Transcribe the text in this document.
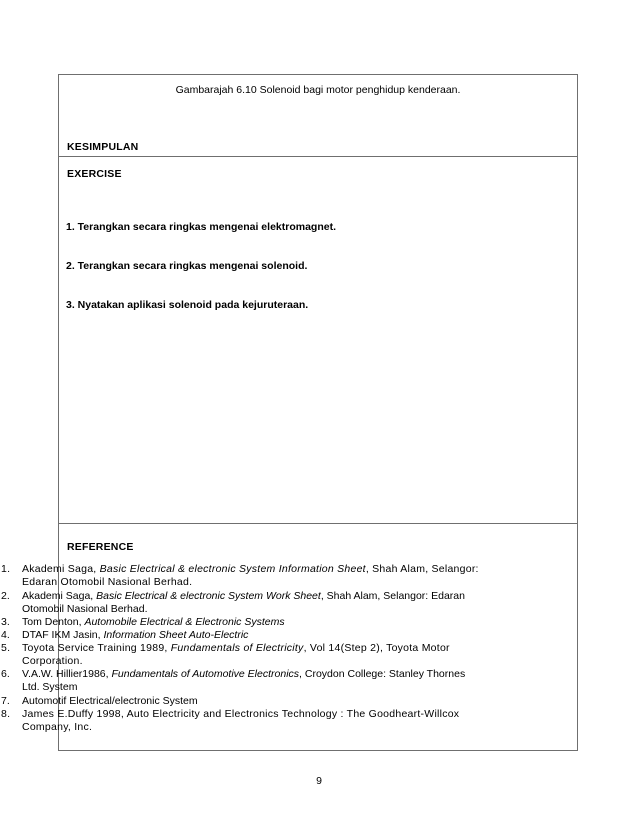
Gambarajah 6.10 Solenoid bagi motor penghidup kenderaan.
KESIMPULAN
EXERCISE
1. Terangkan secara ringkas mengenai elektromagnet.
2. Terangkan secara ringkas mengenai solenoid.
3. Nyatakan aplikasi solenoid pada kejuruteraan.
REFERENCE
1. Akademi Saga, Basic Electrical & electronic System Information Sheet, Shah Alam, Selangor:
Edaran Otomobil Nasional Berhad.
2. Akademi Saga, Basic Electrical & electronic System Work Sheet, Shah Alam, Selangor: Edaran
Otomobil Nasional Berhad.
3. Tom Denton, Automobile Electrical & Electronic Systems
4. DTAF IKM Jasin, Information Sheet Auto-Electric
5. Toyota Service Training 1989, Fundamentals of Electricity, Vol 14(Step 2), Toyota Motor
Corporation.
6. V.A.W. Hillier1986, Fundamentals of Automotive Electronics, Croydon College: Stanley Thornes
Ltd. System
7. Automotif Electrical/electronic System
8. James E.Duffy 1998, Auto Electricity and Electronics Technology : The Goodheart-Willcox
Company, Inc.
9
